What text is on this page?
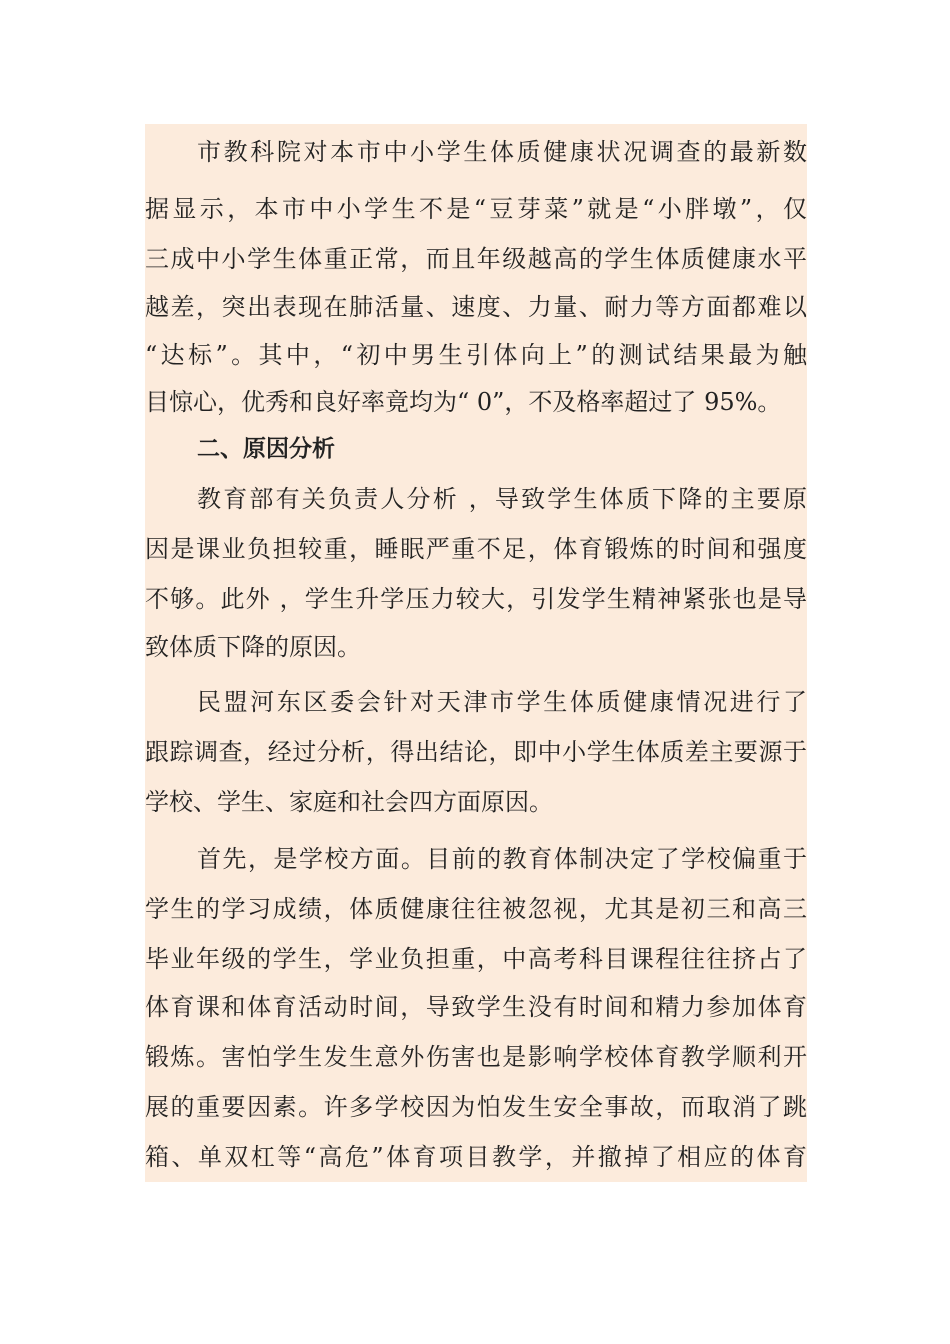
市教科院对本市中小学生体质健康状况调查的最新数
据显示，本市中小学生不是“豆芽菜”就是“小胖墩”，仅
三成中小学生体重正常，而且年级越高的学生体质健康水平
越差，突出表现在肺活量、速度、力量、耐力等方面都难以
“达标”。其中，“初中男生引体向上”的测试结果最为触
目惊心，优秀和良好率竟均为“ 0”，不及格率超过了 95%。
二、原因分析
教育部有关负责人分析 ，导致学生体质下降的主要原
因是课业负担较重，睡眠严重不足，体育锻炼的时间和强度
不够。此外 ，学生升学压力较大，引发学生精神紧张也是导
致体质下降的原因。
民盟河东区委会针对天津市学生体质健康情况进行了
跟踪调查，经过分析，得出结论，即中小学生体质差主要源于
学校、学生、家庭和社会四方面原因。
首先，是学校方面。目前的教育体制决定了学校偏重于
学生的学习成绩，体质健康往往被忽视，尤其是初三和高三
毕业年级的学生，学业负担重，中高考科目课程往往挤占了
体育课和体育活动时间，导致学生没有时间和精力参加体育
锻炼。害怕学生发生意外伤害也是影响学校体育教学顺利开
展的重要因素。许多学校因为怕发生安全事故，而取消了跳
箱、单双杠等“高危”体育项目教学，并撤掉了相应的体育
